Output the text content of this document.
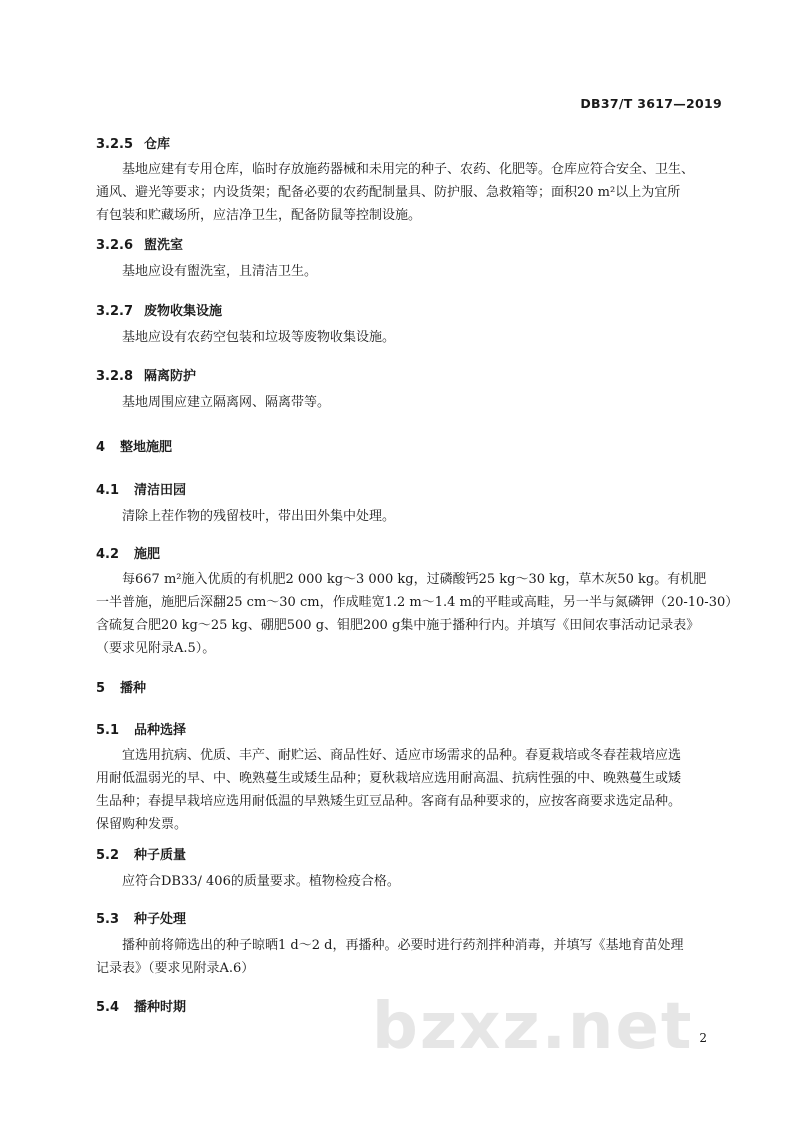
DB37/T 3617—2019
3.2.5 仓库
基地应建有专用仓库，临时存放施药器械和未用完的种子、农药、化肥等。仓库应符合安全、卫生、
通风、避光等要求；内设货架；配备必要的农药配制量具、防护服、急救箱等；面积20 m²以上为宜所
有包装和贮藏场所，应洁净卫生，配备防鼠等控制设施。
3.2.6 盥洗室
基地应设有盥洗室，且清洁卫生。
3.2.7 废物收集设施
基地应设有农药空包装和垃圾等废物收集设施。
3.2.8 隔离防护
基地周围应建立隔离网、隔离带等。
4 整地施肥
4.1 清洁田园
清除上茬作物的残留枝叶，带出田外集中处理。
4.2 施肥
每667 m²施入优质的有机肥2 000 kg～3 000 kg，过磷酸钙25 kg～30 kg，草木灰50 kg。有机肥
一半普施，施肥后深翻25 cm～30 cm，作成畦宽1.2 m～1.4 m的平畦或高畦，另一半与氮磷钾（20-10-30）
含硫复合肥20 kg～25 kg、硼肥500 g、钼肥200 g集中施于播种行内。并填写《田间农事活动记录表》
（要求见附录A.5）。
5 播种
5.1 品种选择
宜选用抗病、优质、丰产、耐贮运、商品性好、适应市场需求的品种。春夏栽培或冬春茬栽培应选
用耐低温弱光的早、中、晚熟蔓生或矮生品种；夏秋栽培应选用耐高温、抗病性强的中、晚熟蔓生或矮
生品种；春提早栽培应选用耐低温的早熟矮生豇豆品种。客商有品种要求的，应按客商要求选定品种。
保留购种发票。
5.2 种子质量
应符合DB33/ 406的质量要求。植物检疫合格。
5.3 种子处理
播种前将筛选出的种子晾晒1 d～2 d，再播种。必要时进行药剂拌种消毒，并填写《基地育苗处理
记录表》（要求见附录A.6）
5.4 播种时期	bzxz.net 2
